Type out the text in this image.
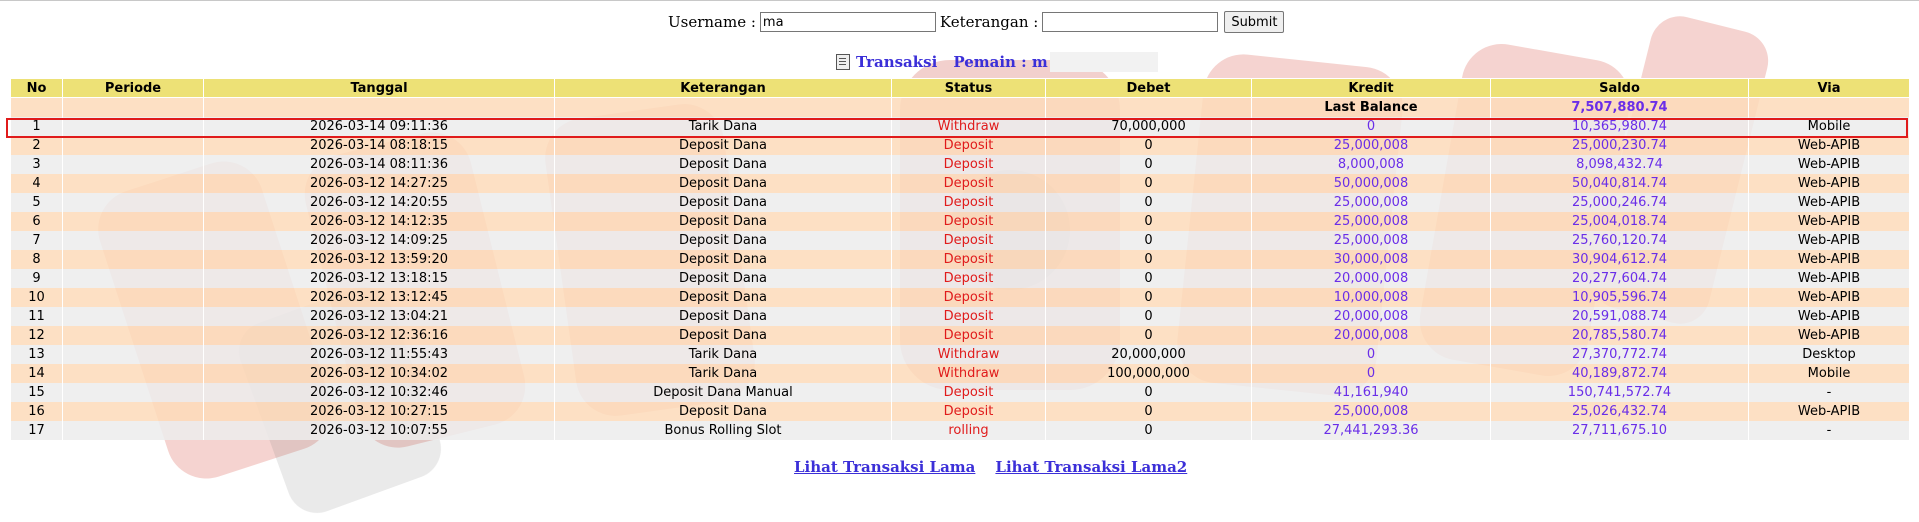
Username :
ma	Keterangan :	Submit
Transaksi Pemain : m
No	Periode	Tanggal	Keterangan	Status	Debet	Kredit	Saldo	Via
						Last Balance	7,507,880.74	
1		2026-03-14 09:11:36	Tarik Dana	Withdraw	70,000,000	0	10,365,980.74	Mobile
2		2026-03-14 08:18:15	Deposit Dana	Deposit	0	25,000,008	25,000,230.74	Web-APIB
3		2026-03-14 08:11:36	Deposit Dana	Deposit	0	8,000,008	8,098,432.74	Web-APIB
4		2026-03-12 14:27:25	Deposit Dana	Deposit	0	50,000,008	50,040,814.74	Web-APIB
5		2026-03-12 14:20:55	Deposit Dana	Deposit	0	25,000,008	25,000,246.74	Web-APIB
6		2026-03-12 14:12:35	Deposit Dana	Deposit	0	25,000,008	25,004,018.74	Web-APIB
7		2026-03-12 14:09:25	Deposit Dana	Deposit	0	25,000,008	25,760,120.74	Web-APIB
8		2026-03-12 13:59:20	Deposit Dana	Deposit	0	30,000,008	30,904,612.74	Web-APIB
9		2026-03-12 13:18:15	Deposit Dana	Deposit	0	20,000,008	20,277,604.74	Web-APIB
10		2026-03-12 13:12:45	Deposit Dana	Deposit	0	10,000,008	10,905,596.74	Web-APIB
11		2026-03-12 13:04:21	Deposit Dana	Deposit	0	20,000,008	20,591,088.74	Web-APIB
12		2026-03-12 12:36:16	Deposit Dana	Deposit	0	20,000,008	20,785,580.74	Web-APIB
13		2026-03-12 11:55:43	Tarik Dana	Withdraw	20,000,000	0	27,370,772.74	Desktop
14		2026-03-12 10:34:02	Tarik Dana	Withdraw	100,000,000	0	40,189,872.74	Mobile
15		2026-03-12 10:32:46	Deposit Dana Manual	Deposit	0	41,161,940	150,741,572.74	-
16		2026-03-12 10:27:15	Deposit Dana	Deposit	0	25,000,008	25,026,432.74	Web-APIB
17		2026-03-12 10:07:55	Bonus Rolling Slot	rolling	0	27,441,293.36	27,711,675.10	-
Lihat Transaksi Lama Lihat Transaksi Lama2
